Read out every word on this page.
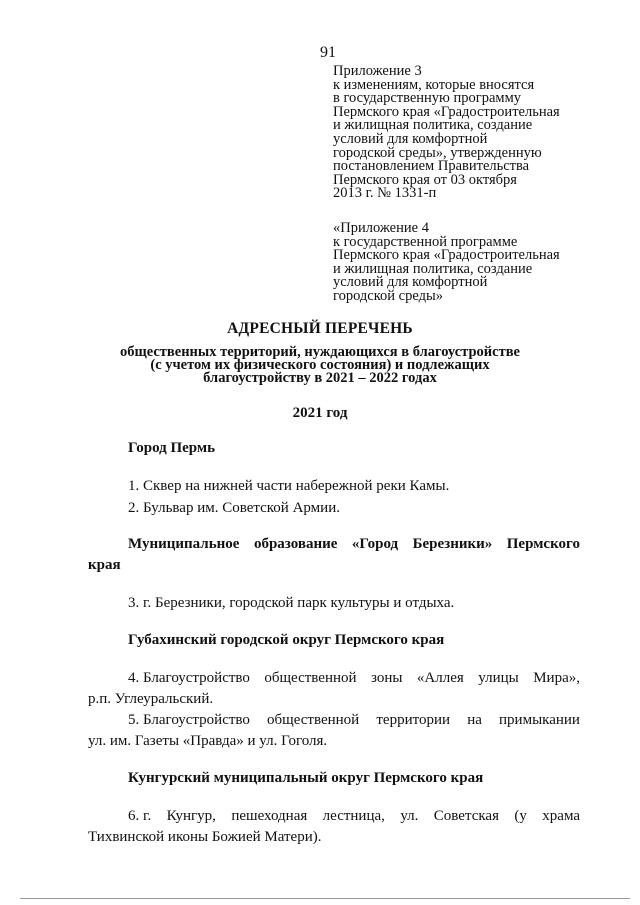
91
Приложение 3
к изменениям, которые вносятся
в государственную программу
Пермского края «Градостроительная
и жилищная политика, создание
условий для комфортной
городской среды», утвержденную
постановлением Правительства
Пермского края от 03 октября
2013 г. № 1331-п
«Приложение 4
к государственной программе
Пермского края «Градостроительная
и жилищная политика, создание
условий для комфортной
городской среды»
АДРЕСНЫЙ ПЕРЕЧЕНЬ
общественных территорий, нуждающихся в благоустройстве
(с учетом их физического состояния) и подлежащих
благоустройству в 2021 – 2022 годах
2021 год
Город Пермь
1. Сквер на нижней части набережной реки Камы.
2. Бульвар им. Советской Армии.
Муниципальное образование «Город Березники» Пермского
края
3. г. Березники, городской парк культуры и отдыха.
Губахинский городской округ Пермского края
4. Благоустройство общественной зоны «Аллея улицы Мира»,
р.п. Углеуральский.
5. Благоустройство общественной территории на примыкании
ул. им. Газеты «Правда» и ул. Гоголя.
Кунгурский муниципальный округ Пермского края
6. г. Кунгур, пешеходная лестница, ул. Советская (у храма
Тихвинской иконы Божией Матери).
